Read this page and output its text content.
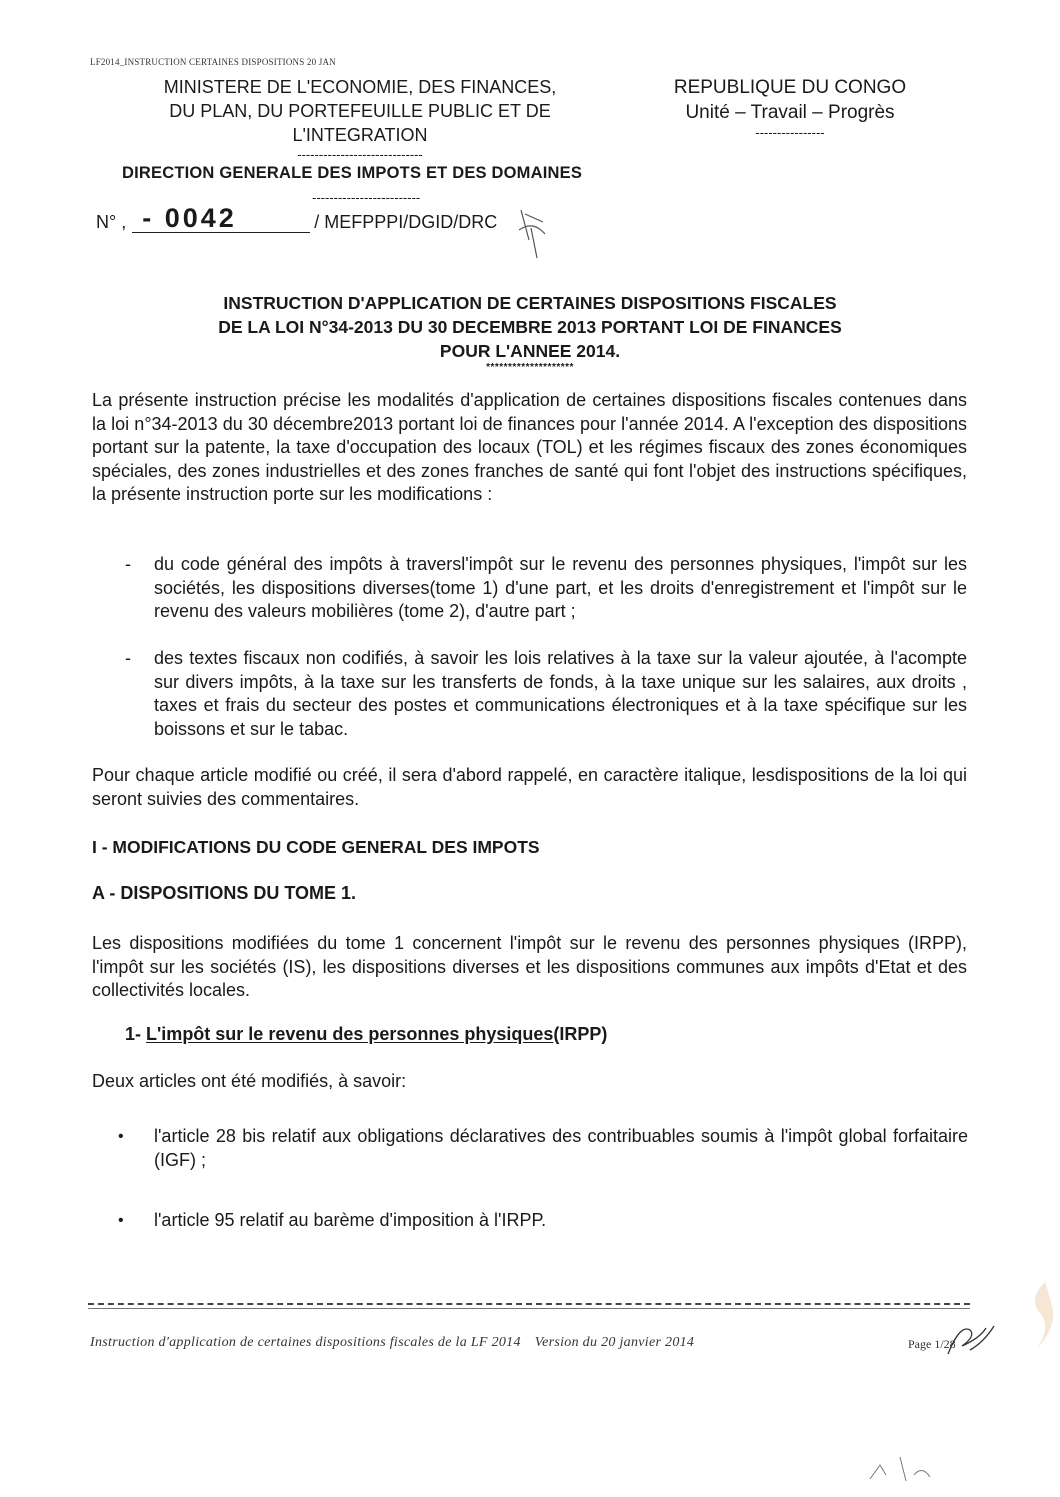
LF2014_INSTRUCTION CERTAINES DISPOSITIONS 20 JAN
MINISTERE DE L'ECONOMIE, DES FINANCES,
DU PLAN, DU PORTEFEUILLE PUBLIC ET DE
L'INTEGRATION
-----------------------------
REPUBLIQUE DU CONGO
Unité – Travail – Progrès
----------------
DIRECTION GENERALE DES IMPOTS ET DES DOMAINES
-------------------------
N° , - 0042	/ MEFPPPI/DGID/DRC
INSTRUCTION D'APPLICATION DE CERTAINES DISPOSITIONS FISCALES
DE LA LOI N°34-2013 DU 30 DECEMBRE 2013 PORTANT LOI DE FINANCES
POUR L'ANNEE 2014.
********************
La présente instruction précise les modalités d'application de certaines dispositions fiscales contenues dans la loi n°34-2013 du 30 décembre2013 portant loi de finances pour l'année 2014. A l'exception des dispositions portant sur la patente, la taxe d'occupation des locaux (TOL) et les régimes fiscaux des zones économiques spéciales, des zones industrielles et des zones franches de santé qui font l'objet des instructions spécifiques, la présente instruction porte sur les modifications :
- du code général des impôts à traversl'impôt sur le revenu des personnes physiques, l'impôt sur les sociétés, les dispositions diverses(tome 1) d'une part, et les droits d'enregistrement et l'impôt sur le revenu des valeurs mobilières (tome 2), d'autre part ;
- des textes fiscaux non codifiés, à savoir les lois relatives à la taxe sur la valeur ajoutée, à l'acompte sur divers impôts, à la taxe sur les transferts de fonds, à la taxe unique sur les salaires, aux droits , taxes et frais du secteur des postes et communications électroniques et à la taxe spécifique sur les boissons et sur le tabac.
Pour chaque article modifié ou créé, il sera d'abord rappelé, en caractère italique, lesdispositions de la loi qui seront suivies des commentaires.
I - MODIFICATIONS DU CODE GENERAL DES IMPOTS
A - DISPOSITIONS DU TOME 1.
Les dispositions modifiées du tome 1 concernent l'impôt sur le revenu des personnes physiques (IRPP), l'impôt sur les sociétés (IS), les dispositions diverses et les dispositions communes aux impôts d'Etat et des collectivités locales.
1- L'impôt sur le revenu des personnes physiques(IRPP)
Deux articles ont été modifiés, à savoir:
• l'article 28 bis relatif aux obligations déclaratives des contribuables soumis à l'impôt global forfaitaire (IGF) ;
• l'article 95 relatif au barème d'imposition à l'IRPP.
Instruction d'application de certaines dispositions fiscales de la LF 2014 Version du 20 janvier 2014	Page 1/28
